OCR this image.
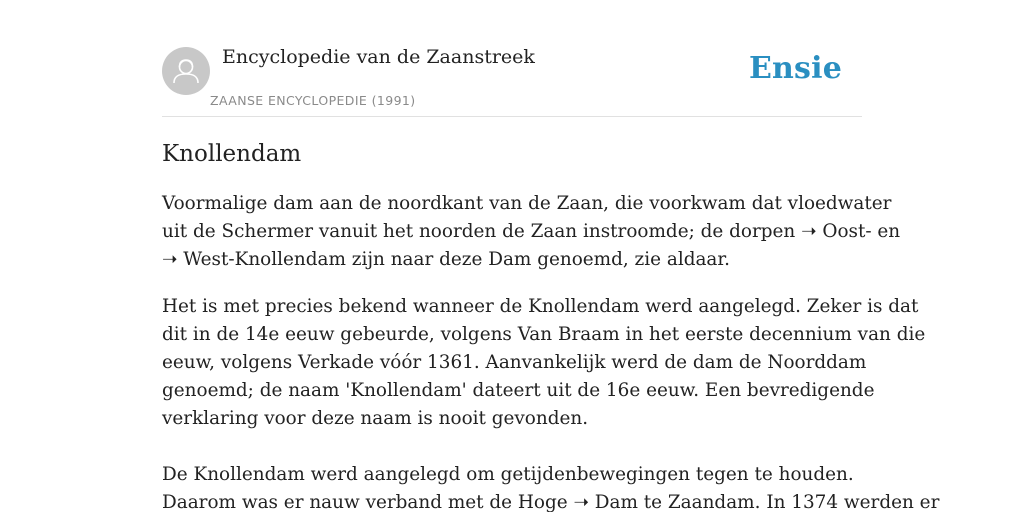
Encyclopedie van de Zaanstreek
ZAANSE ENCYCLOPEDIE (1991)
Ensie
Knollendam

Voormalige dam aan de noordkant van de Zaan, die voorkwam dat vloedwater
uit de Schermer vanuit het noorden de Zaan instroomde; de dorpen ➝ Oost- en
➝ West-Knollendam zijn naar deze Dam genoemd, zie aldaar.

Het is met precies bekend wanneer de Knollendam werd aangelegd. Zeker is dat
dit in de 14e eeuw gebeurde, volgens Van Braam in het eerste decennium van die
eeuw, volgens Verkade vóór 1361. Aanvankelijk werd de dam de Noorddam
genoemd; de naam 'Knollendam' dateert uit de 16e eeuw. Een bevredigende
verklaring voor deze naam is nooit gevonden.

De Knollendam werd aangelegd om getijdenbewegingen tegen te houden.
Daarom was er nauw verband met de Hoge ➝ Dam te Zaandam. In 1374 werden er
